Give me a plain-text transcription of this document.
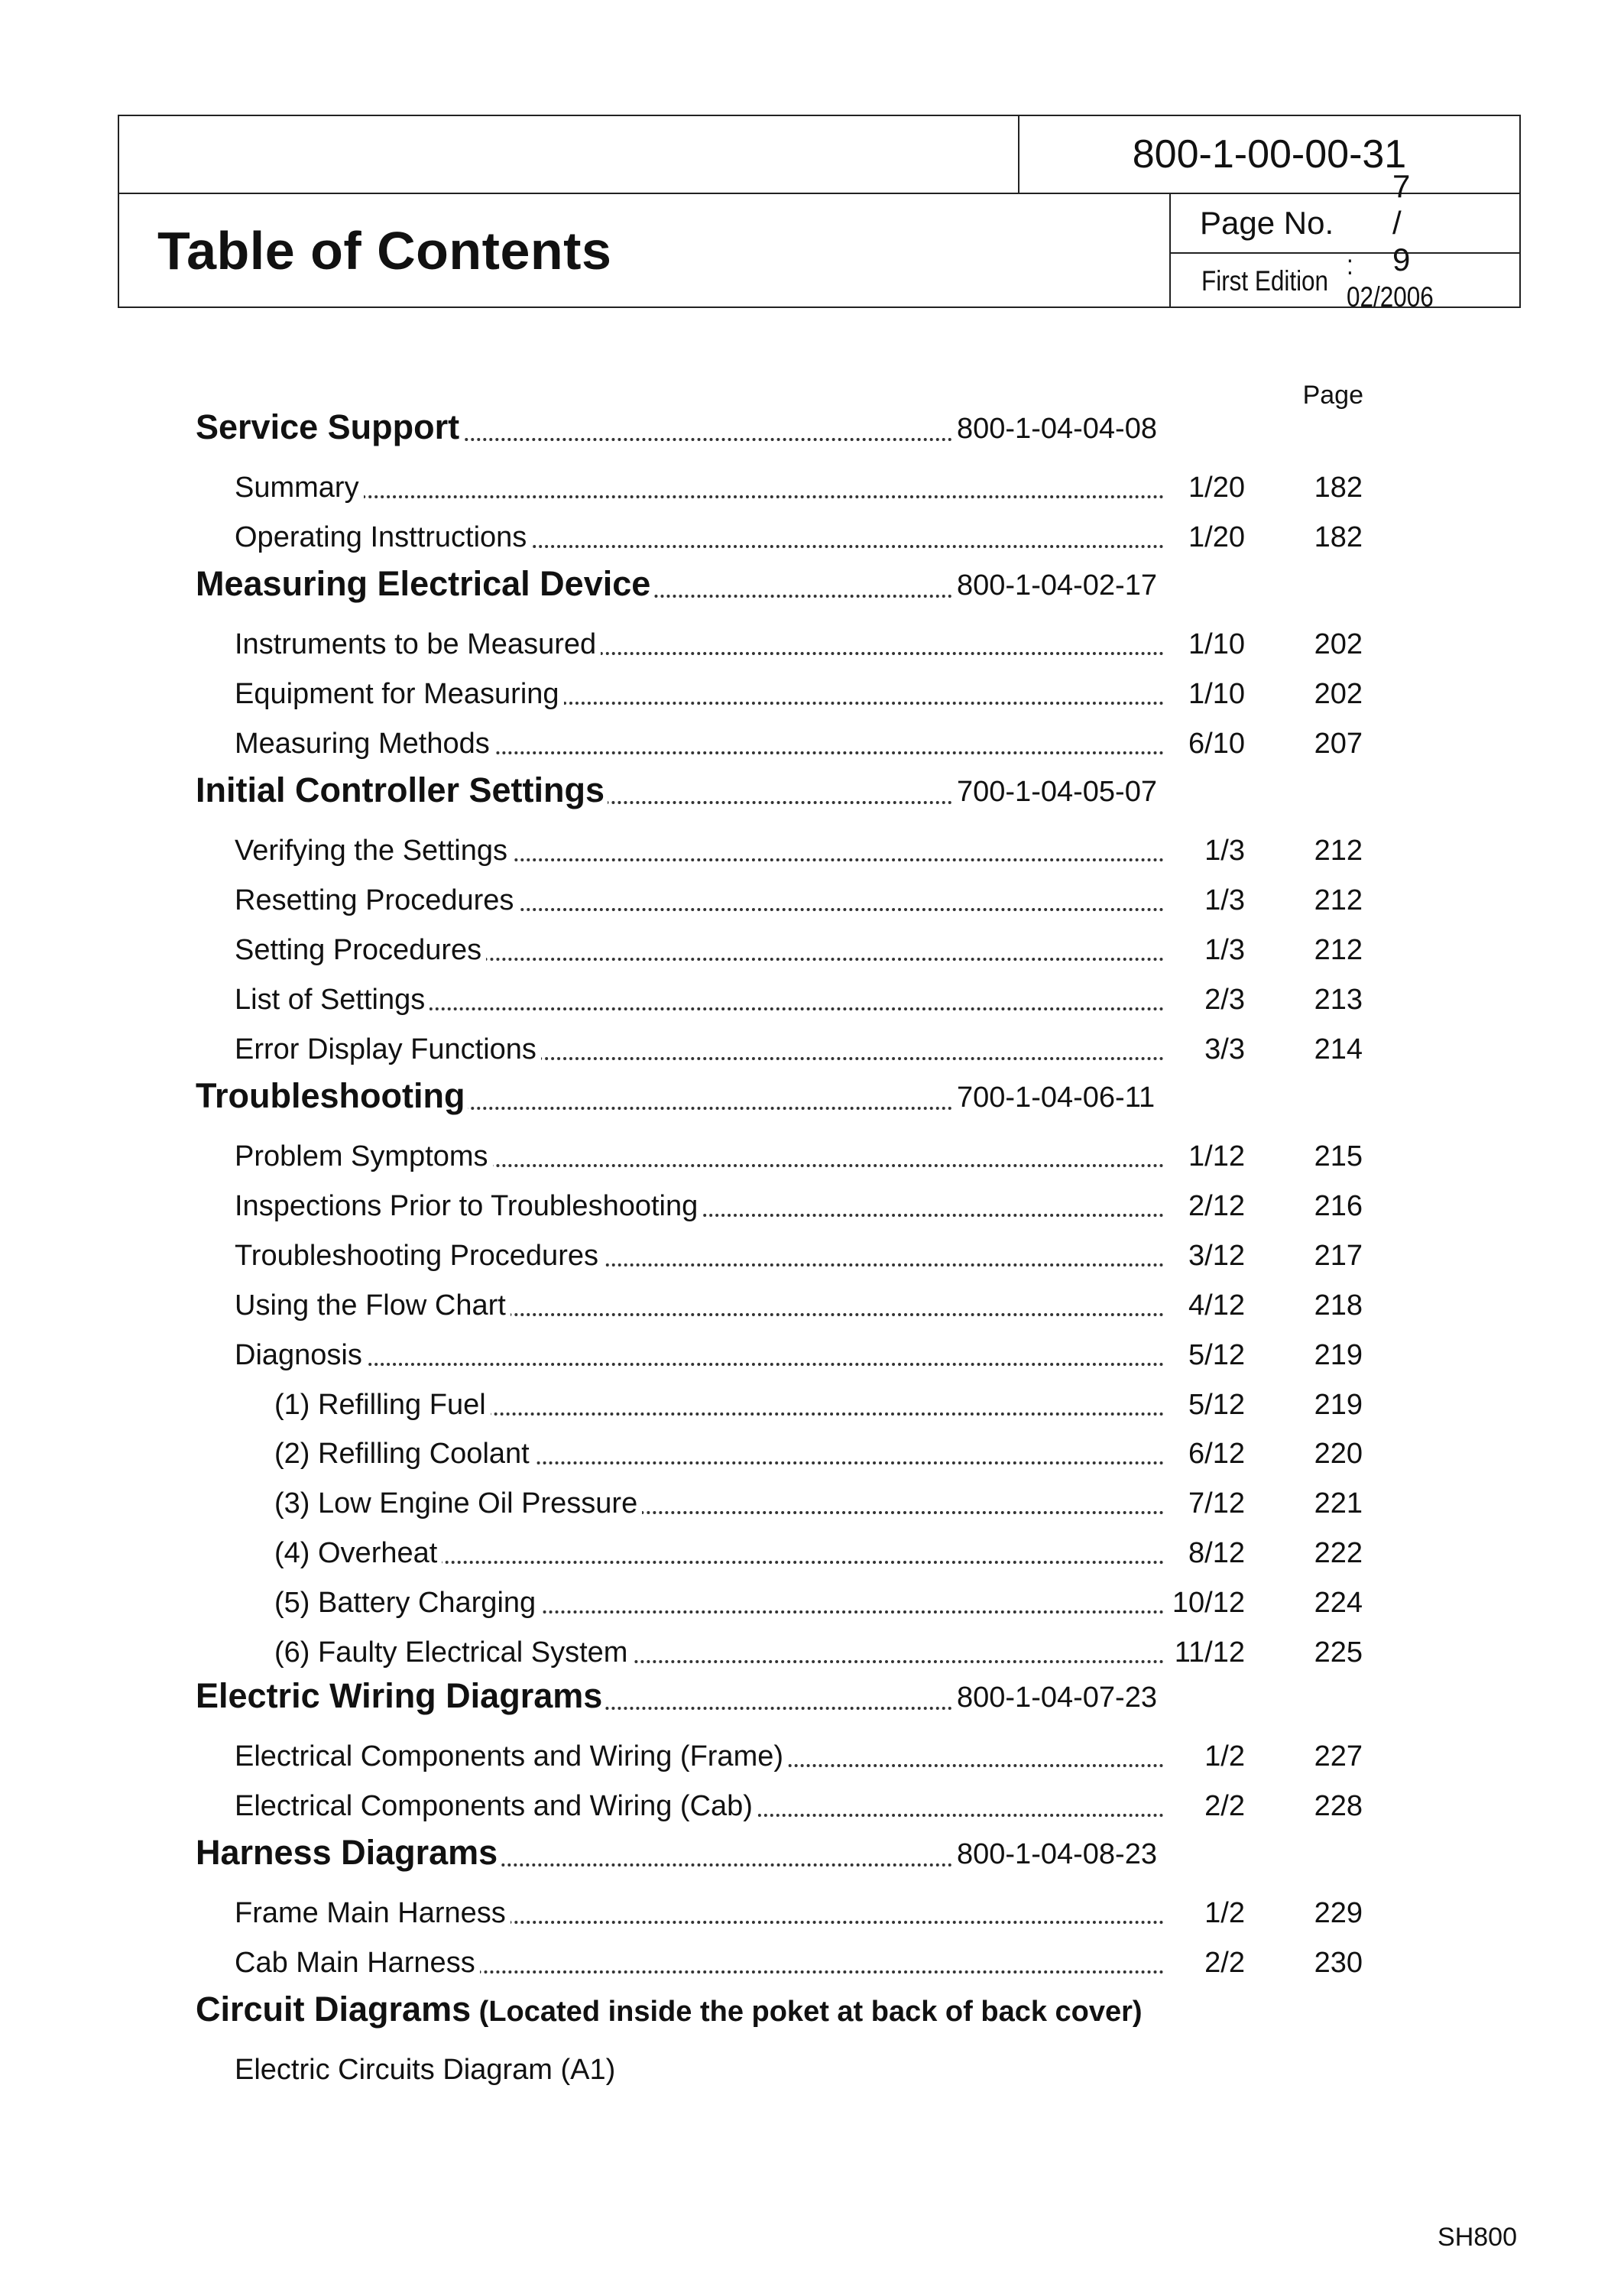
800-1-00-00-31
Table of Contents	Page No.
7 / 9
First Edition
: 02/2006
Page
Service Support	800-1-04-04-08
Summary	1/20 182
Operating Insttructions	1/20 182
Measuring Electrical Device	800-1-04-02-17
Instruments to be Measured	1/10 202
Equipment for Measuring	1/10 202
Measuring Methods	6/10 207
Initial Controller Settings	700-1-04-05-07
Verifying the Settings	1/3 212
Resetting Procedures	1/3 212
Setting Procedures	1/3 212
List of Settings	2/3 213
Error Display Functions	3/3 214
Troubleshooting	700-1-04-06-11
Problem Symptoms	1/12 215
Inspections Prior to Troubleshooting	2/12 216
Troubleshooting Procedures	3/12 217
Using the Flow Chart	4/12 218
Diagnosis	5/12 219
(1) Refilling Fuel	5/12 219
(2) Refilling Coolant	6/12 220
(3) Low Engine Oil Pressure	7/12 221
(4) Overheat	8/12 222
(5) Battery Charging	10/12 224
(6) Faulty Electrical System	11/12 225
Electric Wiring Diagrams	800-1-04-07-23
Electrical Components and Wiring (Frame)	1/2 227
Electrical Components and Wiring (Cab)	2/2 228
Harness Diagrams	800-1-04-08-23
Frame Main Harness	1/2 229
Cab Main Harness	2/2 230
Circuit Diagrams (Located inside the poket at back of back cover)
Electric Circuits Diagram (A1)
SH800
